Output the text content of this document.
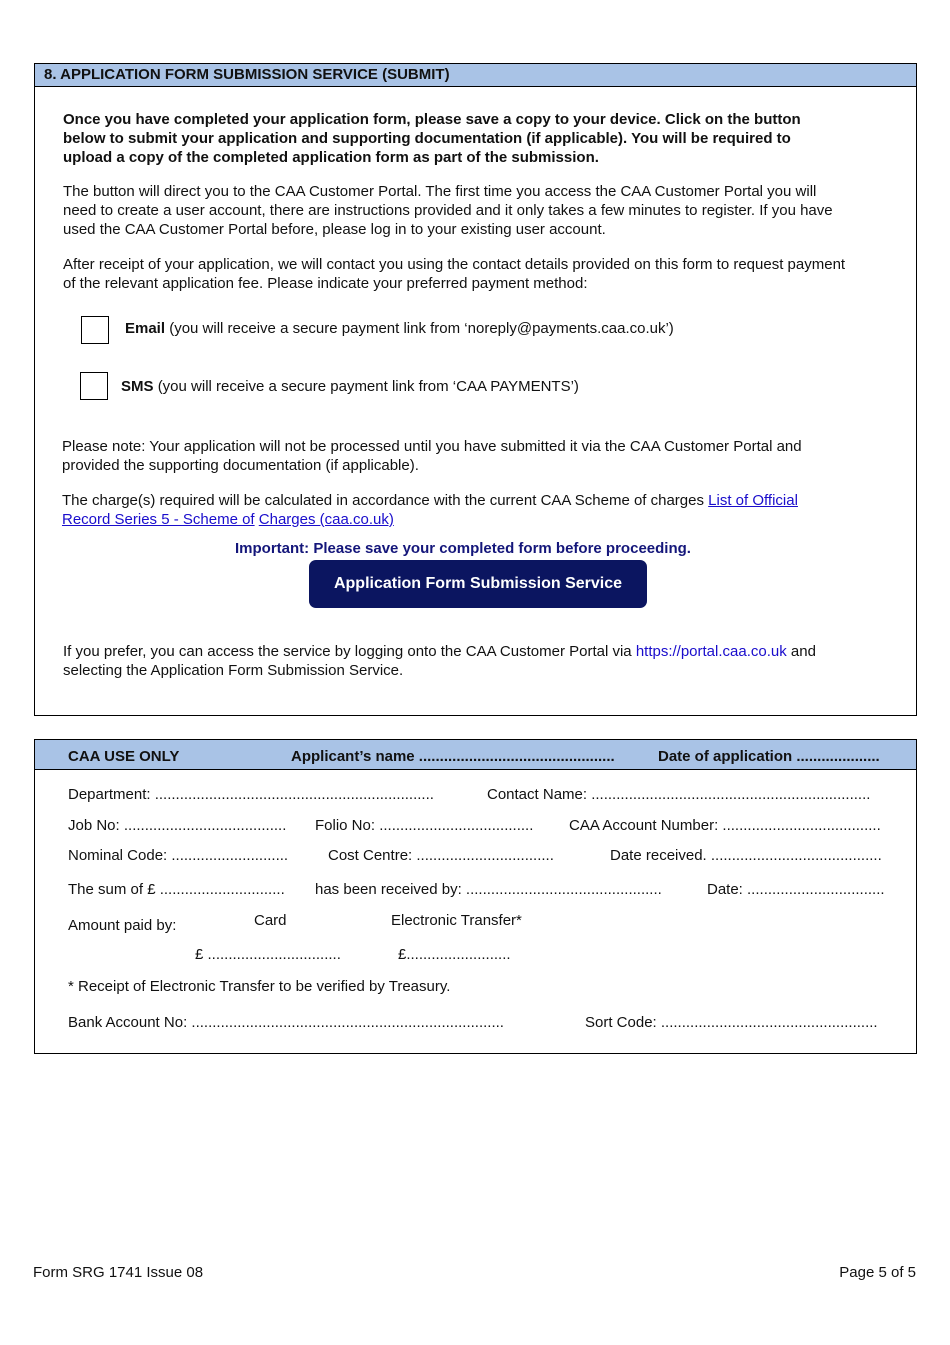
8. APPLICATION FORM SUBMISSION SERVICE (SUBMIT)
Once you have completed your application form, please save a copy to your device. Click on the button
below to submit your application and supporting documentation (if applicable). You will be required to
upload a copy of the completed application form as part of the submission.
The button will direct you to the CAA Customer Portal. The first time you access the CAA Customer Portal you will
need to create a user account, there are instructions provided and it only takes a few minutes to register. If you have
used the CAA Customer Portal before, please log in to your existing user account.
After receipt of your application, we will contact you using the contact details provided on this form to request payment
of the relevant application fee. Please indicate your preferred payment method:
Email (you will receive a secure payment link from ‘noreply@payments.caa.co.uk’)
SMS (you will receive a secure payment link from ‘CAA PAYMENTS’)
Please note: Your application will not be processed until you have submitted it via the CAA Customer Portal and
provided the supporting documentation (if applicable).
The charge(s) required will be calculated in accordance with the current CAA Scheme of charges List of Official
Record Series 5 - Scheme of Charges (caa.co.uk)
Important: Please save your completed form before proceeding.
Application Form Submission Service
If you prefer, you can access the service by logging onto the CAA Customer Portal via https://portal.caa.co.uk and
selecting the Application Form Submission Service.
CAA USE ONLY	Applicant’s name ...............................................	Date of application ....................
Department: ...................................................................	Contact Name: ...................................................................
Job No: ....................................... Folio No: ..................................... CAA Account Number: ......................................
Nominal Code: ............................	Cost Centre: .................................	Date received. .........................................
The sum of £ .............................. has been received by: ...............................................	Date: .................................
Amount paid by:	Card	Electronic Transfer*
£ ................................	£.........................
* Receipt of Electronic Transfer to be verified by Treasury.
Bank Account No: ...........................................................................	Sort Code: ....................................................
Form SRG 1741 Issue 08	Page 5 of 5
